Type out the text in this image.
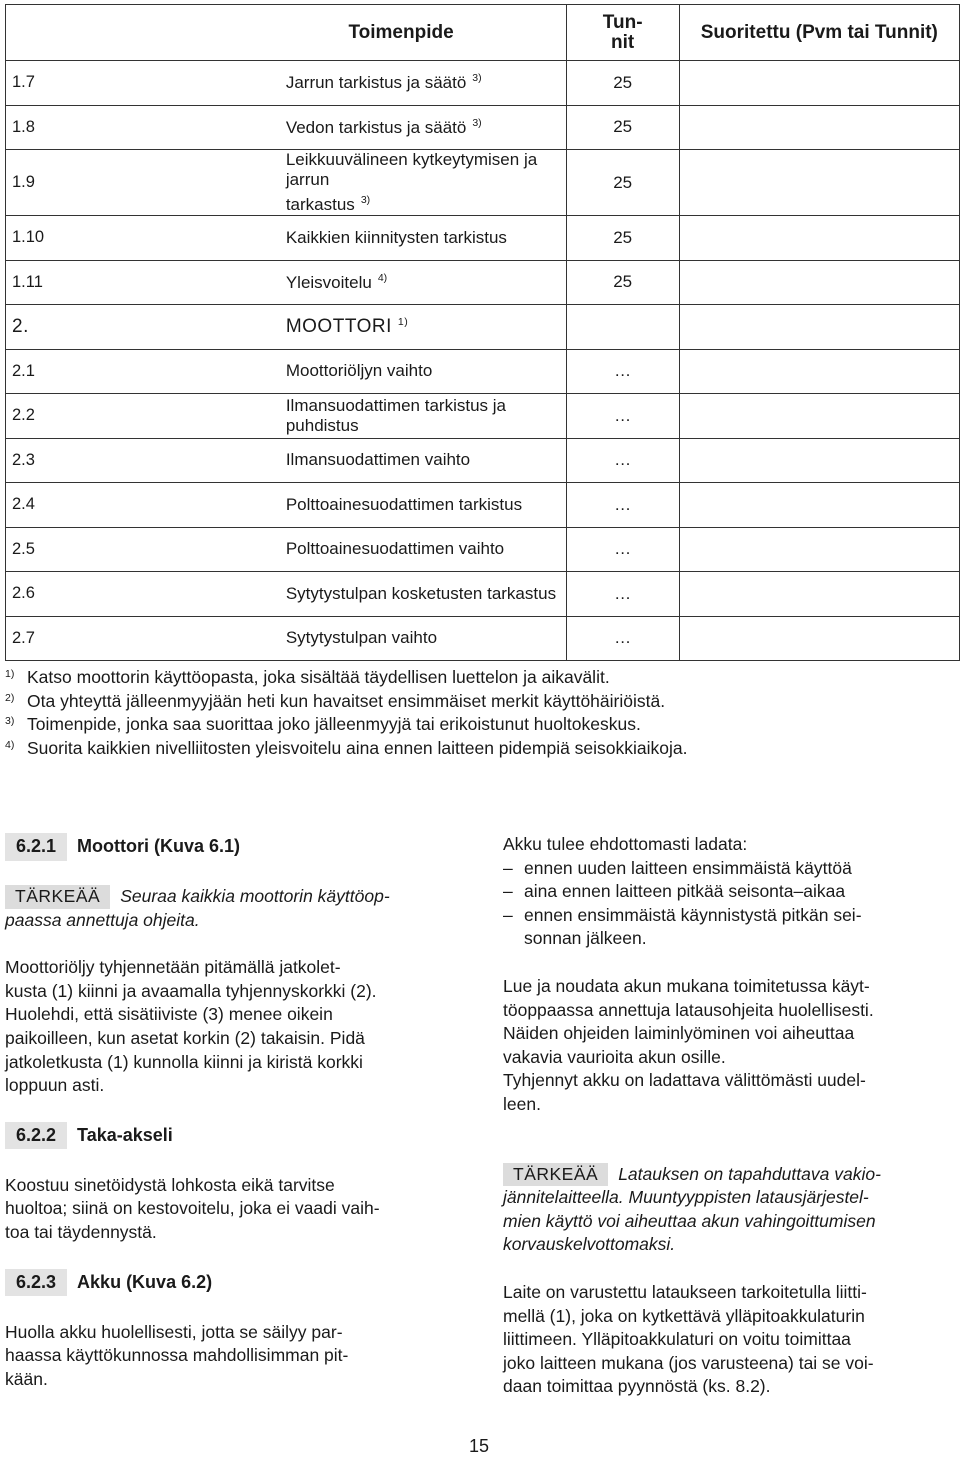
Toimenpide		Tun-
nit	Suoritettu (Pvm tai Tunnit)
1.7	Jarrun tarkistus ja säätö $^{3)}$	25	
1.8	Vedon tarkistus ja säätö $^{3)}$	25	
1.9	Leikkuuvälineen kytkeytymisen ja jarrun
tarkastus $^{3)}$	25	
1.10	Kaikkien kiinnitysten tarkistus	25	
1.11	Yleisvoitelu $^{4)}$	25	
2.	MOOTTORI $^{1)}$		
2.1	Moottoriöljyn vaihto	…	
2.2	Ilmansuodattimen tarkistus ja puhdistus	…	
2.3	Ilmansuodattimen vaihto	…	
2.4	Polttoainesuodattimen tarkistus	…	
2.5	Polttoainesuodattimen vaihto	…	
2.6	Sytytystulpan kosketusten tarkastus	…	
2.7	Sytytystulpan vaihto	…	
1) Katso moottorin käyttöopasta, joka sisältää täydellisen luettelon ja aikavälit.
2) Ota yhteyttä jälleenmyyjään heti kun havaitset ensimmäiset merkit käyttöhäiriöistä.
3) Toimenpide, jonka saa suorittaa joko jälleenmyyjä tai erikoistunut huoltokeskus.
4) Suorita kaikkien nivelliitosten yleisvoitelu aina ennen laitteen pidempiä seisokkiaikoja.
6.2.1 Moottori (Kuva 6.1)
TÄRKEÄÄ Seuraa kaikkia moottorin käyttöop-
paassa annettuja ohjeita.
Moottoriöljy tyhjennetään pitämällä jatkolet-
kusta (1) kiinni ja avaamalla tyhjennyskorkki (2).
Huolehdi, että sisätiiviste (3) menee oikein
paikoilleen, kun asetat korkin (2) takaisin. Pidä
jatkoletkusta (1) kunnolla kiinni ja kiristä korkki
loppuun asti.
6.2.2 Taka-akseli
Koostuu sinetöidystä lohkosta eikä tarvitse
huoltoa; siinä on kestovoitelu, joka ei vaadi vaih-
toa tai täydennystä.
6.2.3 Akku (Kuva 6.2)
Huolla akku huolellisesti, jotta se säilyy par-
haassa käyttökunnossa mahdollisimman pit-
kään.
Akku tulee ehdottomasti ladata:
– ennen uuden laitteen ensimmäistä käyttöä
– aina ennen laitteen pitkää seisonta–aikaa
– ennen ensimmäistä käynnistystä pitkän sei-
sonnan jälkeen.
Lue ja noudata akun mukana toimitetussa käyt-
töoppaassa annettuja latausohjeita huolellisesti.
Näiden ohjeiden laiminlyöminen voi aiheuttaa
vakavia vaurioita akun osille.
Tyhjennyt akku on ladattava välittömästi uudel-
leen.
TÄRKEÄÄ Latauksen on tapahduttava vakio-
jännitelaitteella. Muuntyyppisten latausjärjestel-
mien käyttö voi aiheuttaa akun vahingoittumisen
korvauskelvottomaksi.
Laite on varustettu lataukseen tarkoitetulla liitti-
mellä (1), joka on kytkettävä ylläpitoakkulaturin
liittimeen. Ylläpitoakkulaturi on voitu toimittaa
joko laitteen mukana (jos varusteena) tai se voi-
daan toimittaa pyynnöstä (ks. 8.2).
15
